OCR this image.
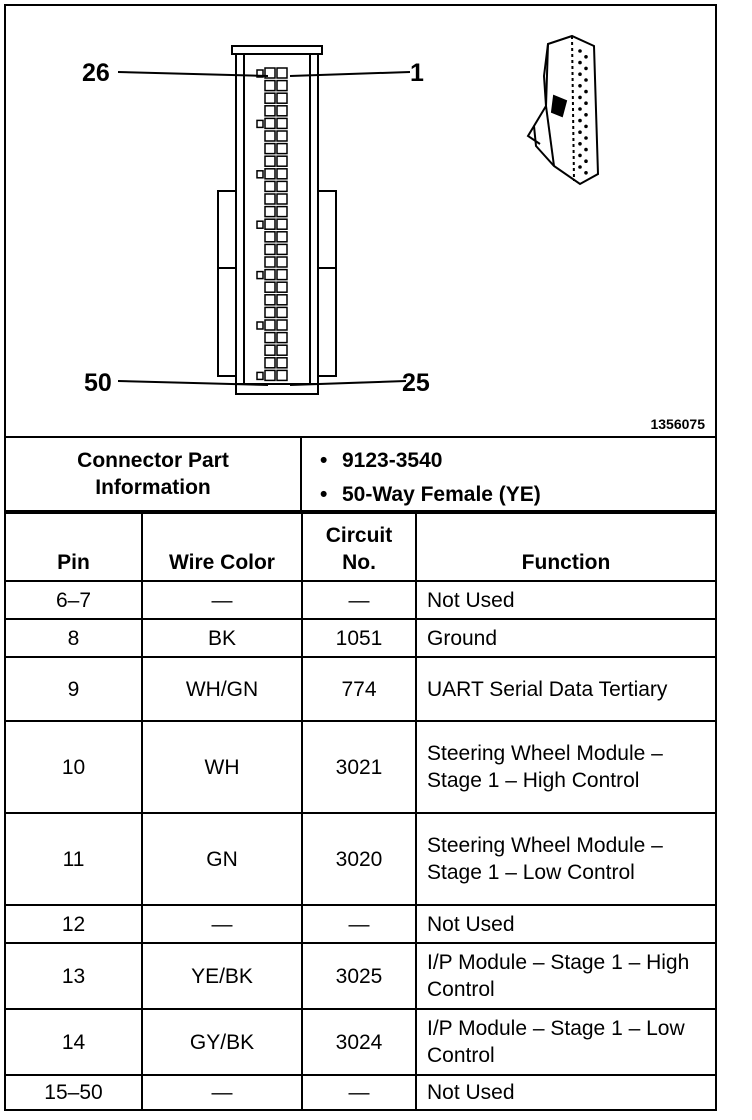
26	1
50	25
1356075
Connector Part Information
• 9123-3540
• 50-Way Female (YE)
Pin	Wire Color	Circuit No.	Function
6–7	—	—	Not Used
8	BK	1051	Ground
9	WH/GN	774	UART Serial Data Tertiary
10	WH	3021	Steering Wheel Module – Stage 1 – High Control
11	GN	3020	Steering Wheel Module – Stage 1 – Low Control
12	—	—	Not Used
13	YE/BK	3025	I/P Module – Stage 1 – High Control
14	GY/BK	3024	I/P Module – Stage 1 – Low Control
15–50	—	—	Not Used
